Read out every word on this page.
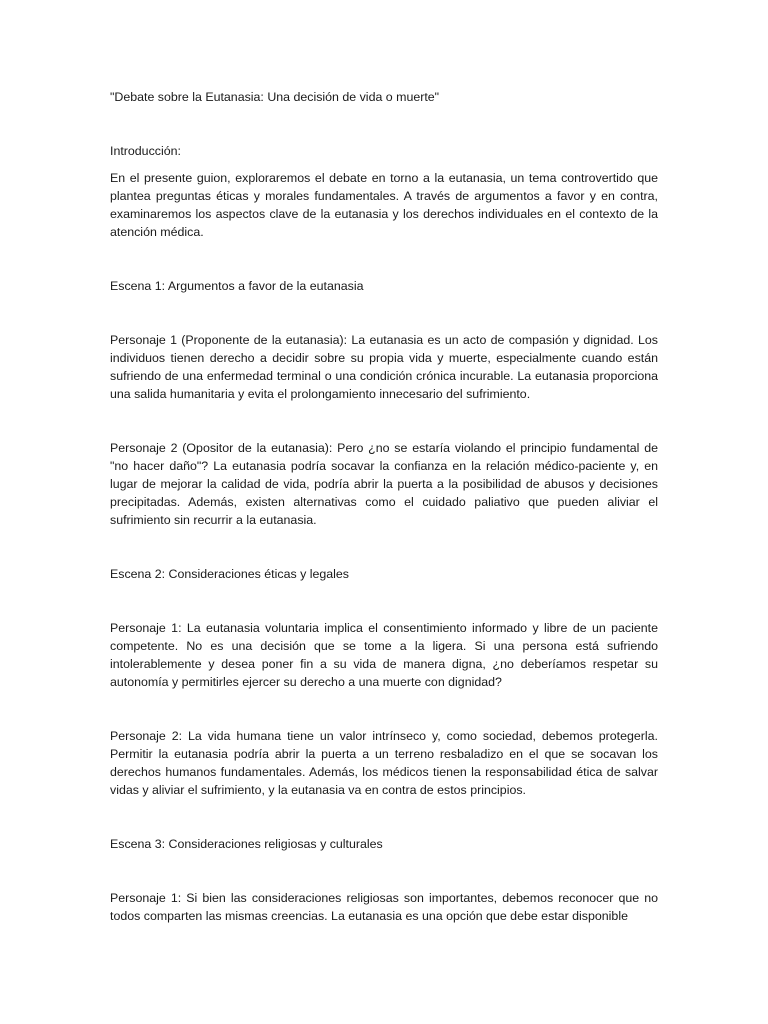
"Debate sobre la Eutanasia: Una decisión de vida o muerte"

Introducción:

En el presente guion, exploraremos el debate en torno a la eutanasia, un tema controvertido que plantea preguntas éticas y morales fundamentales. A través de argumentos a favor y en contra, examinaremos los aspectos clave de la eutanasia y los derechos individuales en el contexto de la atención médica.

Escena 1: Argumentos a favor de la eutanasia

Personaje 1 (Proponente de la eutanasia): La eutanasia es un acto de compasión y dignidad. Los individuos tienen derecho a decidir sobre su propia vida y muerte, especialmente cuando están sufriendo de una enfermedad terminal o una condición crónica incurable. La eutanasia proporciona una salida humanitaria y evita el prolongamiento innecesario del sufrimiento.

Personaje 2 (Opositor de la eutanasia): Pero ¿no se estaría violando el principio fundamental de "no hacer daño"? La eutanasia podría socavar la confianza en la relación médico-paciente y, en lugar de mejorar la calidad de vida, podría abrir la puerta a la posibilidad de abusos y decisiones precipitadas. Además, existen alternativas como el cuidado paliativo que pueden aliviar el sufrimiento sin recurrir a la eutanasia.

Escena 2: Consideraciones éticas y legales

Personaje 1: La eutanasia voluntaria implica el consentimiento informado y libre de un paciente competente. No es una decisión que se tome a la ligera. Si una persona está sufriendo intolerablemente y desea poner fin a su vida de manera digna, ¿no deberíamos respetar su autonomía y permitirles ejercer su derecho a una muerte con dignidad?

Personaje 2: La vida humana tiene un valor intrínseco y, como sociedad, debemos protegerla. Permitir la eutanasia podría abrir la puerta a un terreno resbaladizo en el que se socavan los derechos humanos fundamentales. Además, los médicos tienen la responsabilidad ética de salvar vidas y aliviar el sufrimiento, y la eutanasia va en contra de estos principios.

Escena 3: Consideraciones religiosas y culturales

Personaje 1: Si bien las consideraciones religiosas son importantes, debemos reconocer que no todos comparten las mismas creencias. La eutanasia es una opción que debe estar disponible
